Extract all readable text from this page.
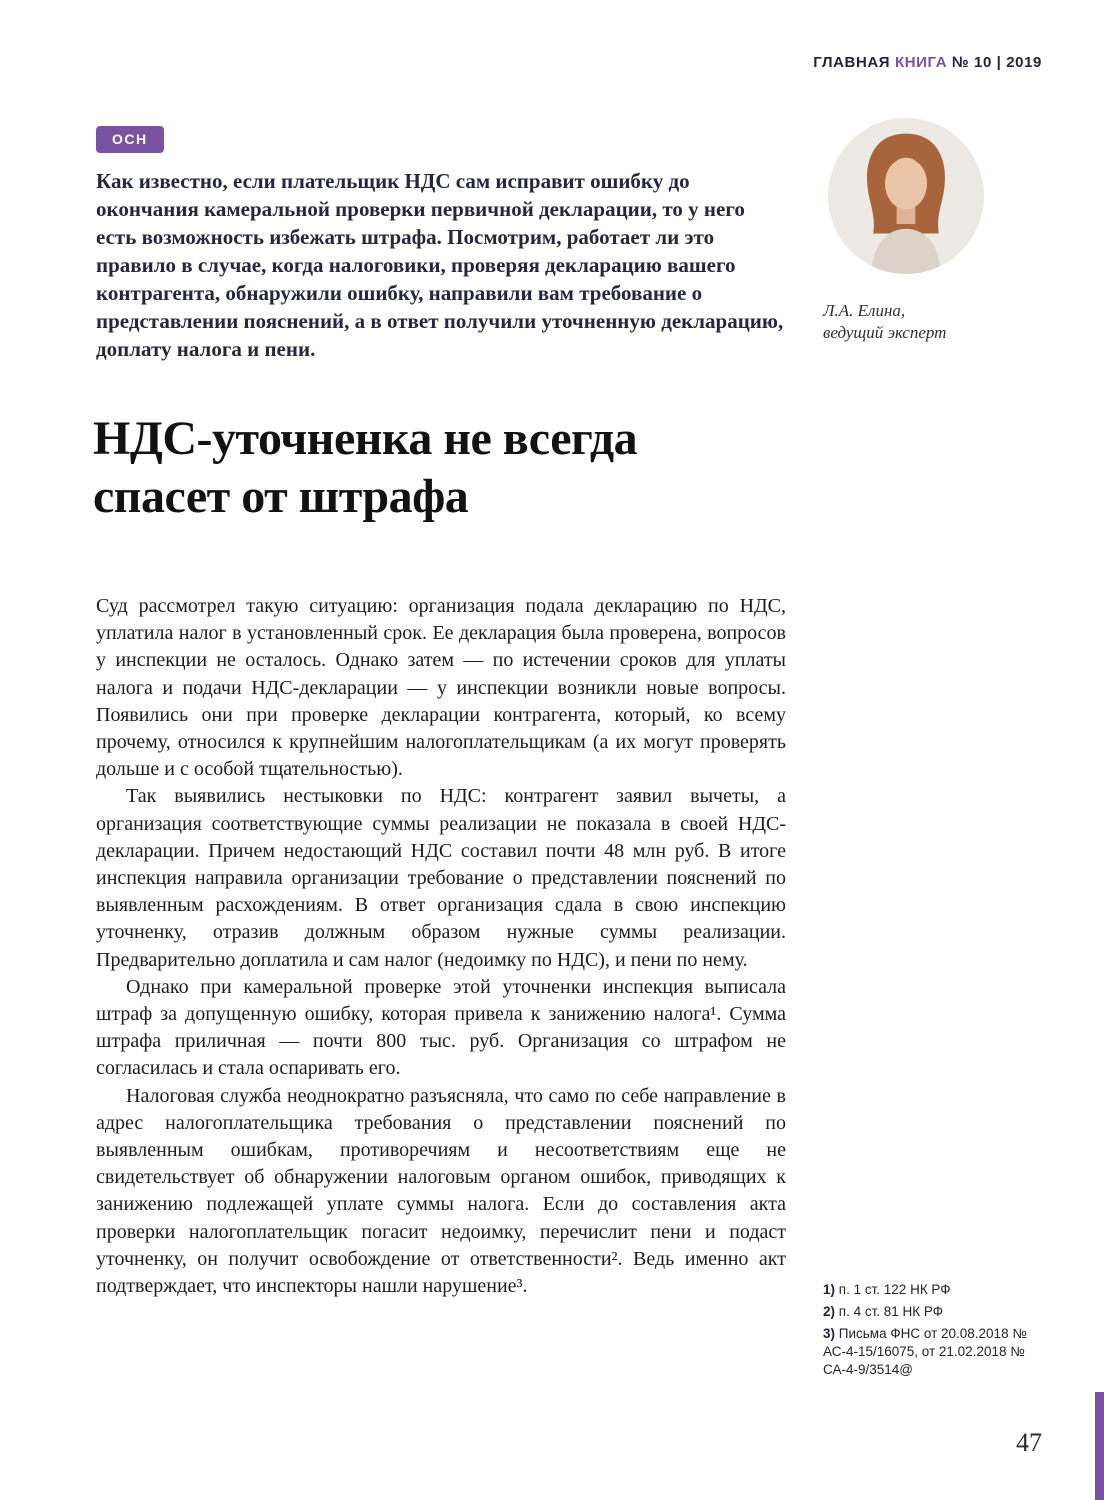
ГЛАВНАЯ КНИГА № 10 | 2019
ОСН
Как известно, если плательщик НДС сам исправит ошибку до окончания камеральной проверки первичной декларации, то у него есть возможность избежать штрафа. Посмотрим, работает ли это правило в случае, когда налоговики, проверяя декларацию вашего контрагента, обнаружили ошибку, направили вам требование о представлении пояснений, а в ответ получили уточненную декларацию, доплату налога и пени.
Л.А. Елина,
ведущий эксперт
НДС-уточненка не всегда
спасет от штрафа

Суд рассмотрел такую ситуацию: организация подала декларацию по НДС, уплатила налог в установленный срок. Ее декларация была проверена, вопросов у инспекции не осталось. Однако затем — по истечении сроков для уплаты налога и подачи НДС-декларации — у инспекции возникли новые вопросы. Появились они при проверке декларации контрагента, который, ко всему прочему, относился к крупнейшим налогоплательщикам (а их могут проверять дольше и с особой тщательностью).

Так выявились нестыковки по НДС: контрагент заявил вычеты, а организация соответствующие суммы реализации не показала в своей НДС-декларации. Причем недостающий НДС составил почти 48 млн руб. В итоге инспекция направила организации требование о представлении пояснений по выявленным расхождениям. В ответ организация сдала в свою инспекцию уточненку, отразив должным образом нужные суммы реализации. Предварительно доплатила и сам налог (недоимку по НДС), и пени по нему.

Однако при камеральной проверке этой уточненки инспекция выписала штраф за допущенную ошибку, которая привела к занижению налога¹. Сумма штрафа приличная — почти 800 тыс. руб. Организация со штрафом не согласилась и стала оспаривать его.

Налоговая служба неоднократно разъясняла, что само по себе направление в адрес налогоплательщика требования о представлении пояснений по выявленным ошибкам, противоречиям и несоответствиям еще не свидетельствует об обнаружении налоговым органом ошибок, приводящих к занижению подлежащей уплате суммы налога. Если до составления акта проверки налогоплательщик погасит недоимку, перечислит пени и подаст уточненку, он получит освобождение от ответственности². Ведь именно акт подтверждает, что инспекторы нашли нарушение³.	1) п. 1 ст. 122 НК РФ
2) п. 4 ст. 81 НК РФ
3) Письма ФНС от 20.08.2018 № АС-4-15/16075, от 21.02.2018 № СА-4-9/3514@
47
